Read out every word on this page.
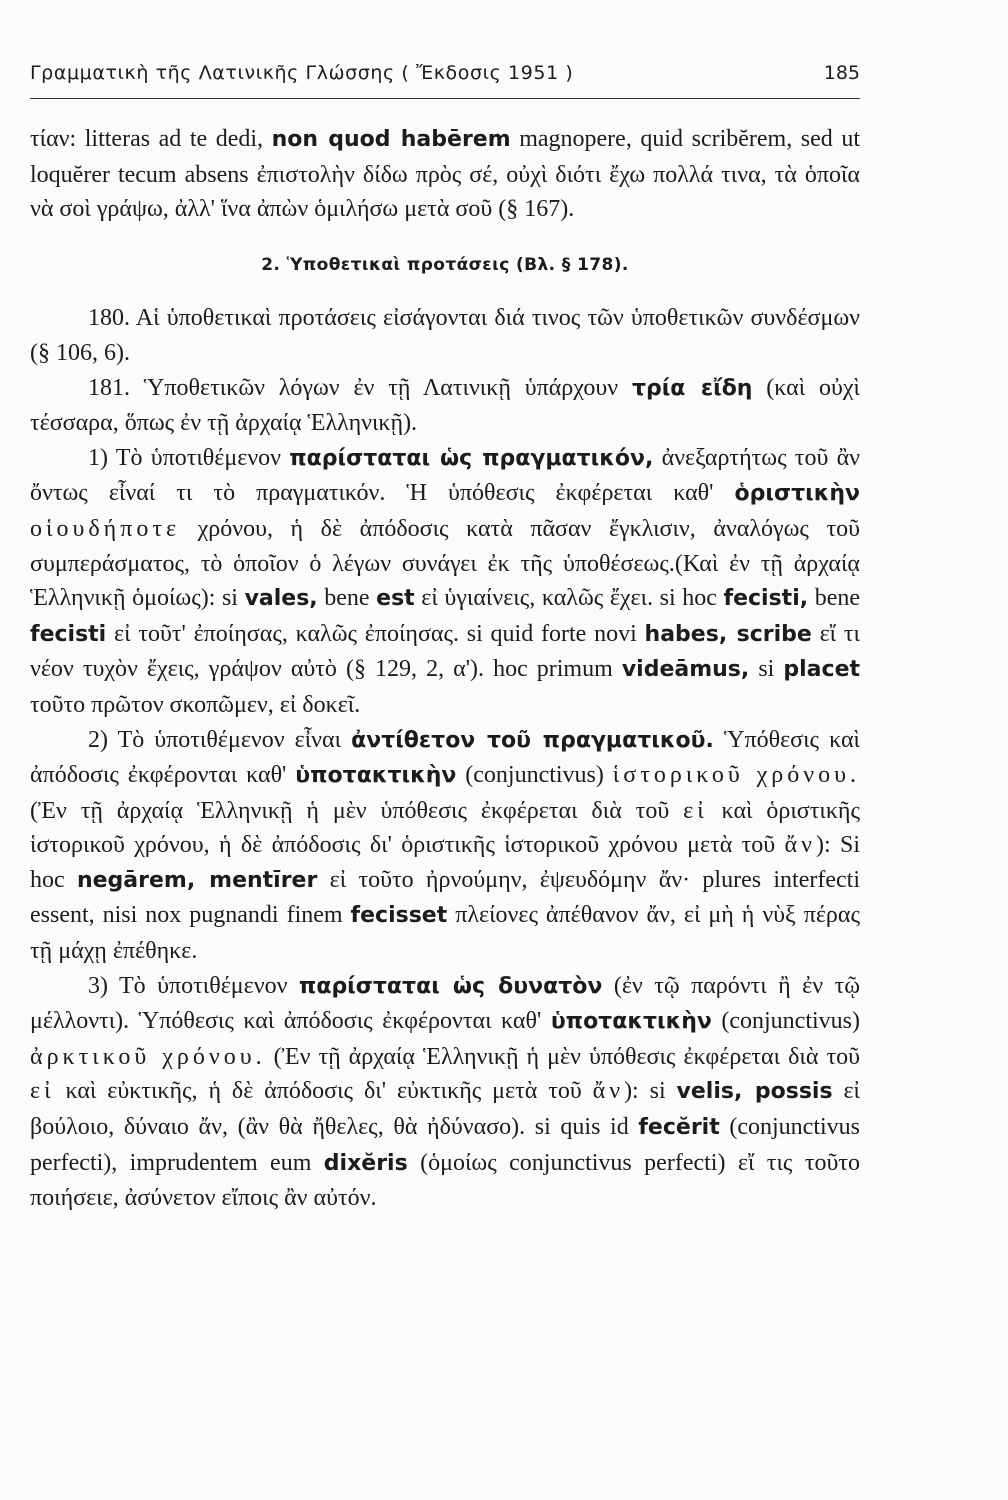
Γραμματικὴ τῆς Λατινικῆς Γλώσσης ( Ἔκδοσις 1951 )	185

τίαν: litteras ad te dedi, non quod habērem magnopere, quid scribĕrem, sed ut loquĕrer tecum absens ἐπιστολὴν δίδω πρὸς σέ, οὐχὶ διότι ἔχω πολλά τινα, τὰ ὁποῖα νὰ σοὶ γράψω, ἀλλ' ἵνα ἀπὼν ὁμιλήσω μετὰ σοῦ (§ 167).

2. Ὑποθετικαὶ προτάσεις (Βλ. § 178).

180. Αἱ ὑποθετικαὶ προτάσεις εἰσάγονται διά τινος τῶν ὑποθετικῶν συνδέσμων (§ 106, 6).

181. Ὑποθετικῶν λόγων ἐν τῇ Λατινικῇ ὑπάρχουν τρία εἴδη (καὶ οὐχὶ τέσσαρα, ὅπως ἐν τῇ ἀρχαίᾳ Ἑλληνικῇ).

1) Τὸ ὑποτιθέμενον παρίσταται ὡς πραγματικόν, ἀνεξαρτήτως τοῦ ἂν ὄντως εἶναί τι τὸ πραγματικόν. Ἡ ὑπόθεσις ἐκφέρεται καθ' ὁριστικὴν οἱουδήποτε χρόνου, ἡ δὲ ἀπόδοσις κατὰ πᾶσαν ἔγκλισιν, ἀναλόγως τοῦ συμπεράσματος, τὸ ὁποῖον ὁ λέγων συνάγει ἐκ τῆς ὑποθέσεως.(Καὶ ἐν τῇ ἀρχαίᾳ Ἑλληνικῇ ὁμοίως): si vales, bene est εἰ ὑγιαίνεις, καλῶς ἔχει. si hoc fecisti, bene fecisti εἰ τοῦτ' ἐποίησας, καλῶς ἐποίησας. si quid forte novi habes, scribe εἴ τι νέον τυχὸν ἔχεις, γράψον αὐτὸ (§ 129, 2, α'). hoc primum videāmus, si placet τοῦτο πρῶτον σκοπῶμεν, εἰ δοκεῖ.

2) Τὸ ὑποτιθέμενον εἶναι ἀντίθετον τοῦ πραγματικοῦ. Ὑπόθεσις καὶ ἀπόδοσις ἐκφέρονται καθ' ὑποτακτικὴν (conjunctivus) ἱστορικοῦ χρόνου. (Ἐν τῇ ἀρχαίᾳ Ἑλληνικῇ ἡ μὲν ὑπόθεσις ἐκφέρεται διὰ τοῦ εἰ καὶ ὁριστικῆς ἱστορικοῦ χρόνου, ἡ δὲ ἀπόδοσις δι' ὁριστικῆς ἱστορικοῦ χρόνου μετὰ τοῦ ἄν): Si hoc negārem, mentīrer εἰ τοῦτο ἠρνούμην, ἐψευδόμην ἄν· plures interfecti essent, nisi nox pugnandi finem fecisset πλείονες ἀπέθανον ἄν, εἰ μὴ ἡ νὺξ πέρας τῇ μάχῃ ἐπέθηκε.

3) Τὸ ὑποτιθέμενον παρίσταται ὡς δυνατὸν (ἐν τῷ παρόντι ἢ ἐν τῷ μέλλοντι). Ὑπόθεσις καὶ ἀπόδοσις ἐκφέρονται καθ' ὑποτακτικὴν (conjunctivus) ἀρκτικοῦ χρόνου. (Ἐν τῇ ἀρχαίᾳ Ἑλληνικῇ ἡ μὲν ὑπόθεσις ἐκφέρεται διὰ τοῦ εἰ καὶ εὐκτικῆς, ἡ δὲ ἀπόδοσις δι' εὐκτικῆς μετὰ τοῦ ἄν): si velis, possis εἰ βούλοιο, δύναιο ἄν, (ἂν θὰ ἤθελες, θὰ ἠδύνασο). si quis id fecĕrit (conjunctivus perfecti), imprudentem eum dixĕris (ὁμοίως conjunctivus perfecti) εἴ τις τοῦτο ποιήσειε, ἀσύνετον εἴποις ἂν αὐτόν.
